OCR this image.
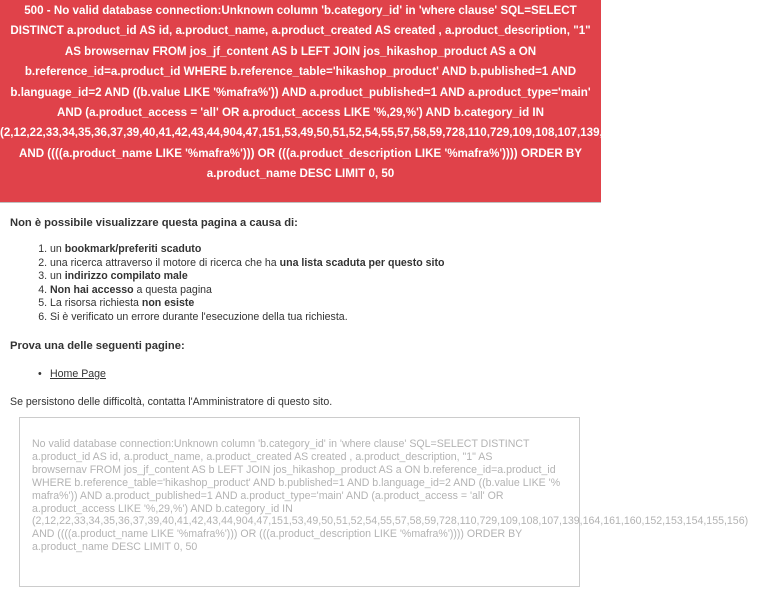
500 - No valid database connection:Unknown column 'b.category_id' in 'where clause' SQL=SELECT
DISTINCT a.product_id AS id, a.product_name, a.product_created AS created , a.product_description, "1"
AS browsernav FROM jos_jf_content AS b LEFT JOIN jos_hikashop_product AS a ON
b.reference_id=a.product_id WHERE b.reference_table='hikashop_product' AND b.published=1 AND
b.language_id=2 AND ((b.value LIKE '%mafra%')) AND a.product_published=1 AND a.product_type='main'
AND (a.product_access = 'all' OR a.product_access LIKE '%,29,%') AND b.category_id IN
(2,12,22,33,34,35,36,37,39,40,41,42,43,44,904,47,151,53,49,50,51,52,54,55,57,58,59,728,110,729,109,108,107,139,164,161,160,152,153,154,155,156)
AND ((((a.product_name LIKE '%mafra%'))) OR (((a.product_description LIKE '%mafra%')))) ORDER BY
a.product_name DESC LIMIT 0, 50
Non è possibile visualizzare questa pagina a causa di:
1. un bookmark/preferiti scaduto
2. una ricerca attraverso il motore di ricerca che ha una lista scaduta per questo sito
3. un indirizzo compilato male
4. Non hai accesso a questa pagina
5. La risorsa richiesta non esiste
6. Si è verificato un errore durante l'esecuzione della tua richiesta.
Prova una delle seguenti pagine:
• Home Page
Se persistono delle difficoltà, contatta l'Amministratore di questo sito.
No valid database connection:Unknown column 'b.category_id' in 'where clause' SQL=SELECT DISTINCT
a.product_id AS id, a.product_name, a.product_created AS created , a.product_description, "1" AS
browsernav FROM jos_jf_content AS b LEFT JOIN jos_hikashop_product AS a ON b.reference_id=a.product_id
WHERE b.reference_table='hikashop_product' AND b.published=1 AND b.language_id=2 AND ((b.value LIKE '%
mafra%')) AND a.product_published=1 AND a.product_type='main' AND (a.product_access = 'all' OR
a.product_access LIKE '%,29,%') AND b.category_id IN
(2,12,22,33,34,35,36,37,39,40,41,42,43,44,904,47,151,53,49,50,51,52,54,55,57,58,59,728,110,729,109,108,107,139,164,161,160,152,153,154,155,156)
AND ((((a.product_name LIKE '%mafra%'))) OR (((a.product_description LIKE '%mafra%')))) ORDER BY
a.product_name DESC LIMIT 0, 50
